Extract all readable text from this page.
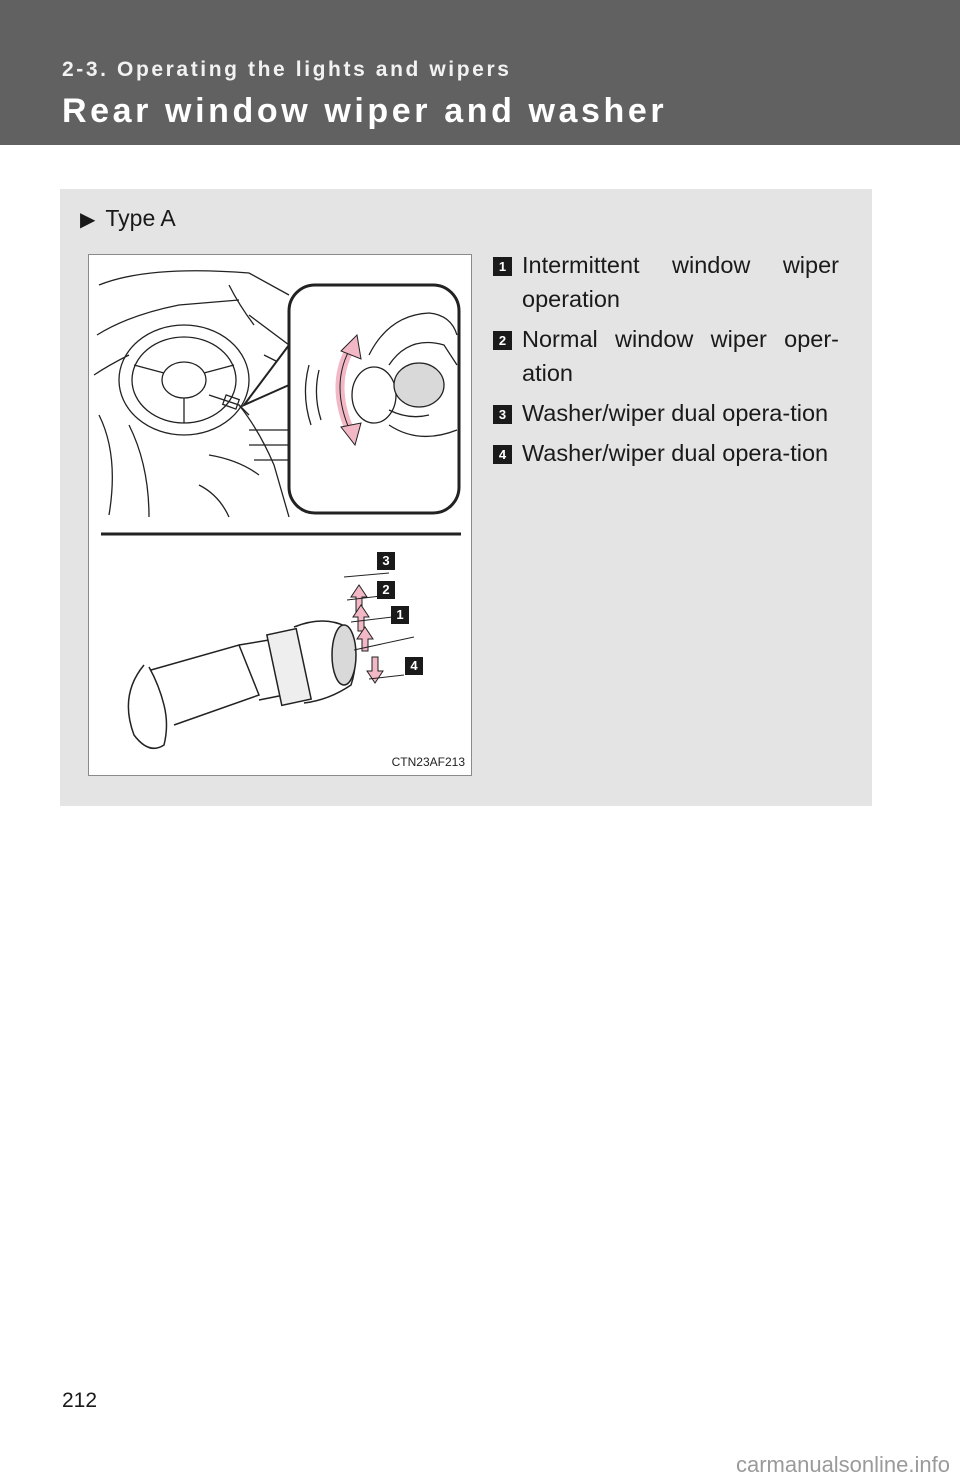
2-3. Operating the lights and wipers
Rear window wiper and washer
▶ Type A
3
2
1
4
CTN23AF213
1 Intermittent window wiper operation
2 Normal window wiper oper-ation
3 Washer/wiper dual opera-tion
4 Washer/wiper dual opera-tion
212
carmanualsonline.info
